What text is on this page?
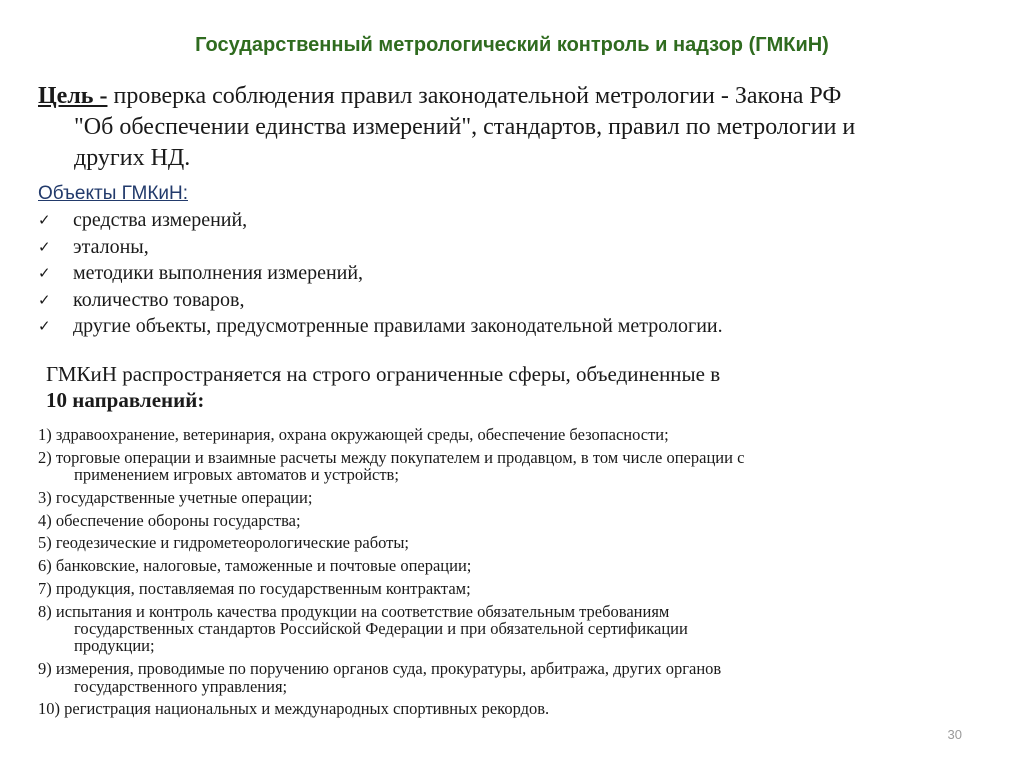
Государственный метрологический контроль и надзор (ГМКиН)
Цель - проверка соблюдения правил законодательной метрологии - Закона РФ
"Об обеспечении единства измерений", стандартов, правил по метрологии и
других НД.
Объекты ГМКиН:
✓	средства измерений,
✓	эталоны,
✓	методики выполнения измерений,
✓	количество товаров,
✓	другие объекты, предусмотренные правилами законодательной метрологии.
ГМКиН распространяется на строго ограниченные сферы, объединенные в
10 направлений:
1) здравоохранение, ветеринария, охрана окружающей среды, обеспечение безопасности;
2) торговые операции и взаимные расчеты между покупателем и продавцом, в том числе операции с
применением игровых автоматов и устройств;
3) государственные учетные операции;
4) обеспечение обороны государства;
5) геодезические и гидрометеорологические работы;
6) банковские, налоговые, таможенные и почтовые операции;
7) продукция, поставляемая по государственным контрактам;
8) испытания и контроль качества продукции на соответствие обязательным требованиям
государственных стандартов Российской Федерации и при обязательной сертификации
продукции;
9) измерения, проводимые по поручению органов суда, прокуратуры, арбитража, других органов
государственного управления;
10) регистрация национальных и международных спортивных рекордов.
30
